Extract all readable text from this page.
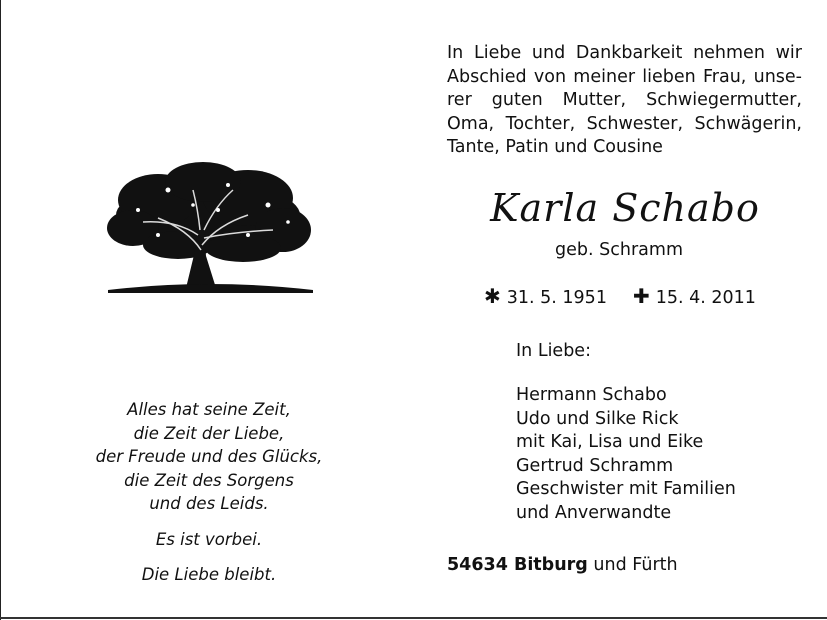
In Liebe und Dankbarkeit nehmen wir
Abschied von meiner lieben Frau, unse-
rer guten Mutter, Schwiegermutter,
Oma, Tochter, Schwester, Schwägerin,
Tante, Patin und Cousine
Karla Schabo
geb. Schramm
✱ 31. 5. 1951 ✚ 15. 4. 2011
In Liebe:
Hermann Schabo
Udo und Silke Rick
mit Kai, Lisa und Eike
Gertrud Schramm
Geschwister mit Familien
und Anverwandte
54634 Bitburg und Fürth
Alles hat seine Zeit,
die Zeit der Liebe,
der Freude und des Glücks,
die Zeit des Sorgens
und des Leids.
Es ist vorbei.
Die Liebe bleibt.
